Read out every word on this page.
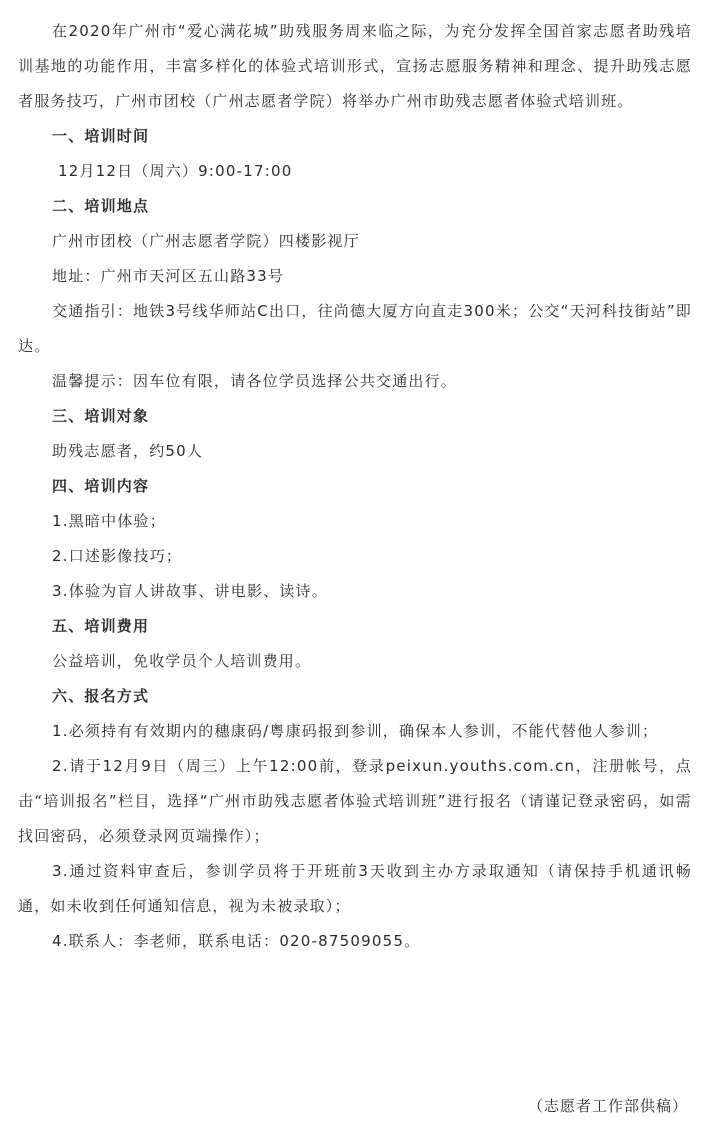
在2020年广州市“爱心满花城”助残服务周来临之际，为充分发挥全国首家志愿者助残培训基地的功能作用，丰富多样化的体验式培训形式，宣扬志愿服务精神和理念、提升助残志愿者服务技巧，广州市团校（广州志愿者学院）将举办广州市助残志愿者体验式培训班。

一、培训时间

12月12日（周六）9:00-17:00

二、培训地点

广州市团校（广州志愿者学院）四楼影视厅

地址：广州市天河区五山路33号

交通指引：地铁3号线华师站C出口，往尚德大厦方向直走300米；公交“天河科技街站”即达。

温馨提示：因车位有限，请各位学员选择公共交通出行。

三、培训对象

助残志愿者，约50人

四、培训内容

1.黑暗中体验；

2.口述影像技巧；

3.体验为盲人讲故事、讲电影、读诗。

五、培训费用

公益培训，免收学员个人培训费用。

六、报名方式

1.必须持有有效期内的穗康码/粤康码报到参训，确保本人参训，不能代替他人参训；

2.请于12月9日（周三）上午12:00前，登录peixun.youths.com.cn，注册帐号，点击“培训报名”栏目，选择“广州市助残志愿者体验式培训班”进行报名（请谨记登录密码，如需找回密码，必须登录网页端操作）；

3.通过资料审查后，参训学员将于开班前3天收到主办方录取通知（请保持手机通讯畅通，如未收到任何通知信息，视为未被录取）；

4.联系人：李老师，联系电话：020-87509055。

（志愿者工作部供稿）
